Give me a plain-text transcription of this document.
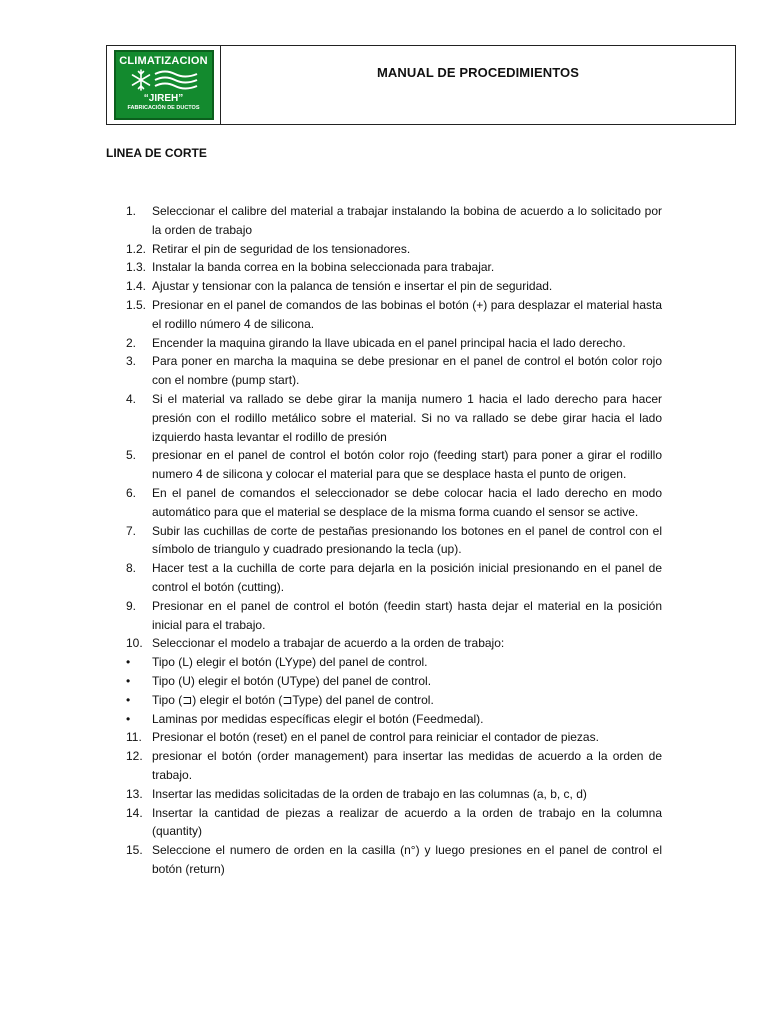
CLIMATIZACION
“JIREH”
FABRICACIÓN DE DUCTOS
MANUAL DE PROCEDIMIENTOS
LINEA DE CORTE
1.	Seleccionar el calibre del material a trabajar instalando la bobina de acuerdo a lo solicitado por la orden de trabajo
1.2. Retirar el pin de seguridad de los tensionadores.
1.3. Instalar la banda correa en la bobina seleccionada para trabajar.
1.4. Ajustar y tensionar con la palanca de tensión e insertar el pin de seguridad.
1.5. Presionar en el panel de comandos de las bobinas el botón (+) para desplazar el material hasta el rodillo número 4 de silicona.
2.	Encender la maquina girando la llave ubicada en el panel principal hacia el lado derecho.
3.	Para poner en marcha la maquina se debe presionar en el panel de control el botón color rojo con el nombre (pump start).
4.	Si el material va rallado se debe girar la manija numero 1 hacia el lado derecho para hacer presión con el rodillo metálico sobre el material. Si no va rallado se debe girar hacia el lado izquierdo hasta levantar el rodillo de presión
5.	presionar en el panel de control el botón color rojo (feeding start) para poner a girar el rodillo numero 4 de silicona y colocar el material para que se desplace hasta el punto de origen.
6.	En el panel de comandos el seleccionador se debe colocar hacia el lado derecho en modo automático para que el material se desplace de la misma forma cuando el sensor se active.
7.	Subir las cuchillas de corte de pestañas presionando los botones en el panel de control con el símbolo de triangulo y cuadrado presionando la tecla (up).
8.	Hacer test a la cuchilla de corte para dejarla en la posición inicial presionando en el panel de control el botón (cutting).
9.	Presionar en el panel de control el botón (feedin start) hasta dejar el material en la posición inicial para el trabajo.
10. Seleccionar el modelo a trabajar de acuerdo a la orden de trabajo:
•	Tipo (L) elegir el botón (LYype) del panel de control.
•	Tipo (U) elegir el botón (UType) del panel de control.
•	Tipo (⊐) elegir el botón (⊐Type) del panel de control.
•	Laminas por medidas específicas elegir el botón (Feedmedal).
11. Presionar el botón (reset) en el panel de control para reiniciar el contador de piezas.
12. presionar el botón (order management) para insertar las medidas de acuerdo a la orden de trabajo.
13. Insertar las medidas solicitadas de la orden de trabajo en las columnas (a, b, c, d)
14. Insertar la cantidad de piezas a realizar de acuerdo a la orden de trabajo en la columna (quantity)
15. Seleccione el numero de orden en la casilla (n°) y luego presiones en el panel de control el botón (return)
